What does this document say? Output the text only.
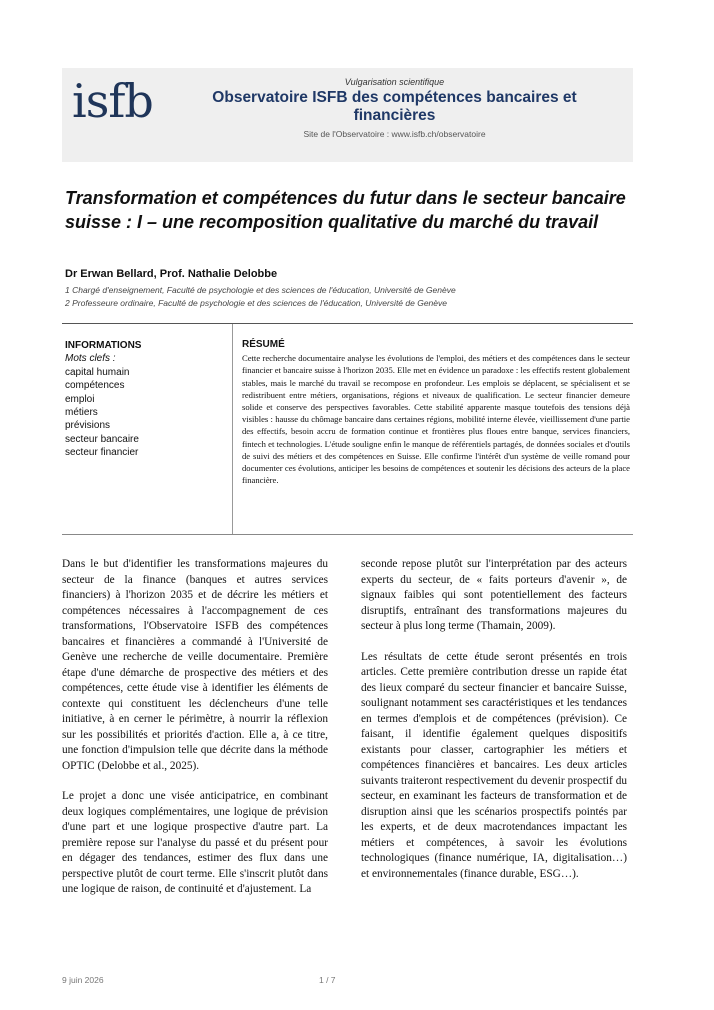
isfb	Vulgarisation scientifique
Observatoire ISFB des compétences bancaires et financières
Site de l'Observatoire : www.isfb.ch/observatoire
Transformation et compétences du futur dans le secteur bancaire suisse : I – une recomposition qualitative du marché du travail
Dr Erwan Bellard, Prof. Nathalie Delobbe
1 Chargé d'enseignement, Faculté de psychologie et des sciences de l'éducation, Université de Genève
2 Professeure ordinaire, Faculté de psychologie et des sciences de l'éducation, Université de Genève
INFORMATIONS
Mots clefs :
capital humain
compétences
emploi
métiers
prévisions
secteur bancaire
secteur financier
RÉSUMÉ

Cette recherche documentaire analyse les évolutions de l'emploi, des métiers et des compétences dans le secteur financier et bancaire suisse à l'horizon 2035. Elle met en évidence un paradoxe : les effectifs restent globalement stables, mais le marché du travail se recompose en profondeur. Les emplois se déplacent, se spécialisent et se redistribuent entre métiers, organisations, régions et niveaux de qualification. Le secteur financier demeure solide et conserve des perspectives favorables. Cette stabilité apparente masque toutefois des tensions déjà visibles : hausse du chômage bancaire dans certaines régions, mobilité interne élevée, vieillissement d'une partie des effectifs, besoin accru de formation continue et frontières plus floues entre banque, services financiers, fintech et technologies. L'étude souligne enfin le manque de référentiels partagés, de données sociales et d'outils de suivi des métiers et des compétences en Suisse. Elle confirme l'intérêt d'un système de veille romand pour documenter ces évolutions, anticiper les besoins de compétences et soutenir les décisions des acteurs de la place financière.

Dans le but d'identifier les transformations majeures du secteur de la finance (banques et autres services financiers) à l'horizon 2035 et de décrire les métiers et compétences nécessaires à l'accompagnement de ces transformations, l'Observatoire ISFB des compétences bancaires et financières a commandé à l'Université de Genève une recherche de veille documentaire. Première étape d'une démarche de prospective des métiers et des compétences, cette étude vise à identifier les éléments de contexte qui constituent les déclencheurs d'une telle initiative, à en cerner le périmètre, à nourrir la réflexion sur les possibilités et priorités d'action. Elle a, à ce titre, une fonction d'impulsion telle que décrite dans la méthode OPTIC (Delobbe et al., 2025).

Le projet a donc une visée anticipatrice, en combinant deux logiques complémentaires, une logique de prévision d'une part et une logique prospective d'autre part. La première repose sur l'analyse du passé et du présent pour en dégager des tendances, estimer des flux dans une perspective plutôt de court terme. Elle s'inscrit plutôt dans une logique de raison, de continuité et d'ajustement. La

seconde repose plutôt sur l'interprétation par des acteurs experts du secteur, de « faits porteurs d'avenir », de signaux faibles qui sont potentiellement des facteurs disruptifs, entraînant des transformations majeures du secteur à plus long terme (Thamain, 2009).

Les résultats de cette étude seront présentés en trois articles. Cette première contribution dresse un rapide état des lieux comparé du secteur financier et bancaire Suisse, soulignant notamment ses caractéristiques et les tendances en termes d'emplois et de compétences (prévision). Ce faisant, il identifie également quelques dispositifs existants pour classer, cartographier les métiers et compétences financières et bancaires. Les deux articles suivants traiteront respectivement du devenir prospectif du secteur, en examinant les facteurs de transformation et de disruption ainsi que les scénarios prospectifs pointés par les experts, et de deux macrotendances impactant les métiers et compétences, à savoir les évolutions technologiques (finance numérique, IA, digitalisation…) et environnementales (finance durable, ESG…).

9 juin 2026	1 / 7
